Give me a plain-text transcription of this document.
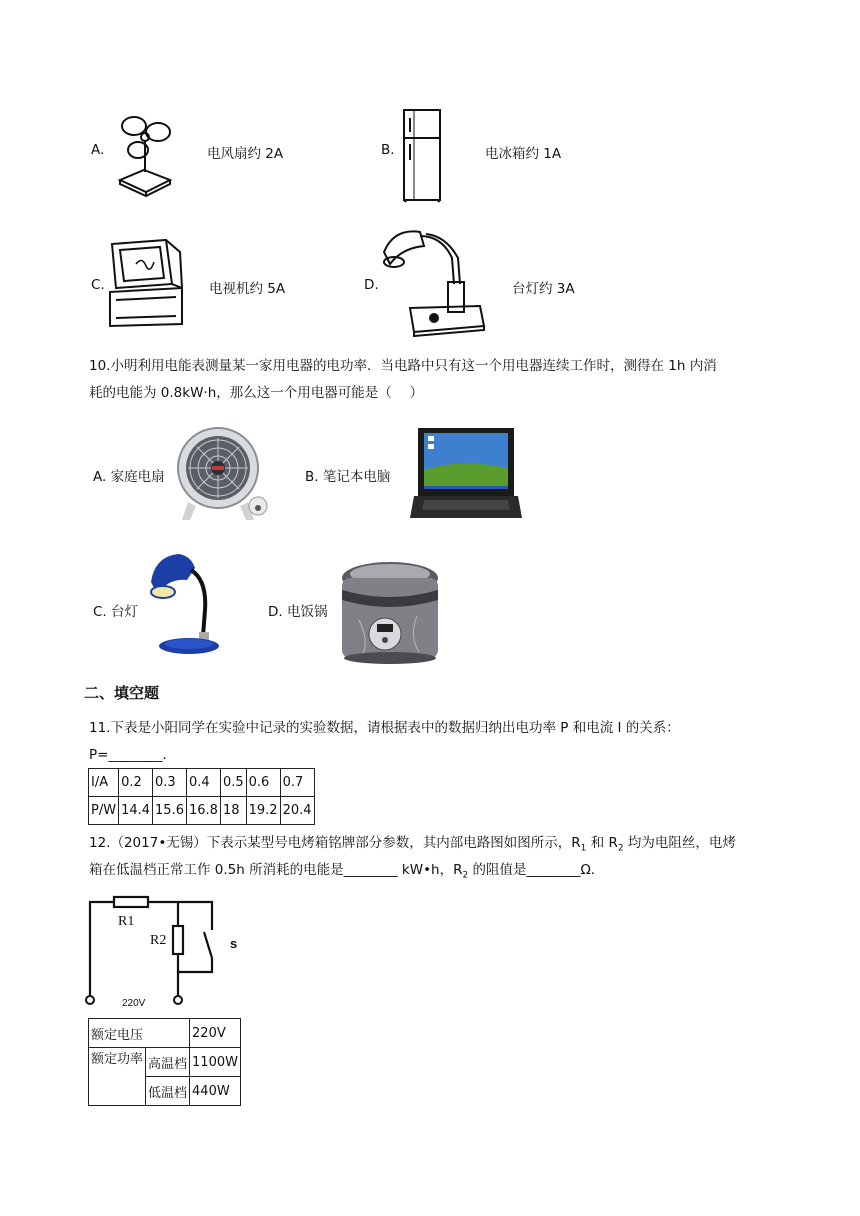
A.	电风扇约 2A	B.	电冰箱约 1A
C.	电视机约 5A	D.	台灯约 3A
10.小明利用电能表测量某一家用电器的电功率．当电路中只有这一个用电器连续工作时，测得在 1h 内消
耗的电能为 0.8kW·h，那么这一个用电器可能是（　 ）
A. 家庭电扇	B. 笔记本电脑
C. 台灯	D. 电饭锅
二、填空题
11.下表是小阳同学在实验中记录的实验数据，请根据表中的数据归纳出电功率 P 和电流 I 的关系：
P=________．
I/A	0.2	0.3	0.4	0.5	0.6	0.7
P/W	14.4	15.6	16.8	18	19.2	20.4
12.（2017•无锡）下表示某型号电烤箱铭牌部分参数，其内部电路图如图所示，$R_1$ 和 $R_2$ 均为电阻丝，电烤
箱在低温档正常工作 0.5h 所消耗的电能是________ kW•h，$R_2$ 的阻值是________Ω．
R1
R2	s
220V
额定电压		220V
额定功率	高温档	1100W
	低温档	440W
